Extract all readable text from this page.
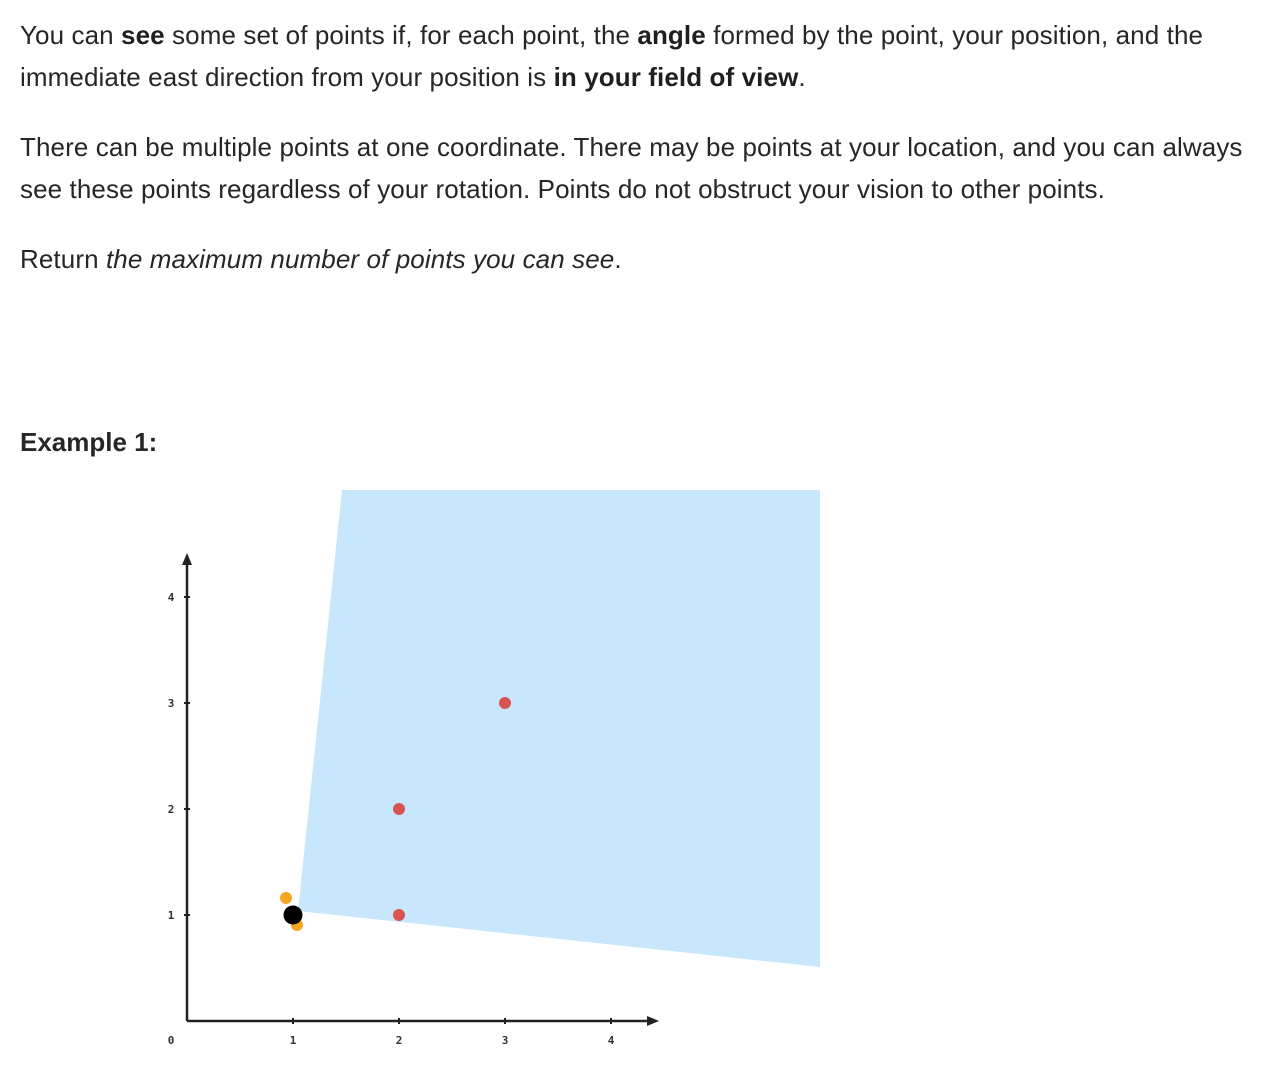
You can see some set of points if, for each point, the angle formed by the point, your position, and the immediate east direction from your position is in your field of view.

There can be multiple points at one coordinate. There may be points at your location, and you can always see these points regardless of your rotation. Points do not obstruct your vision to other points.

Return the maximum number of points you can see.

Example 1:
0	1	2	3	4
1
2
3
4
